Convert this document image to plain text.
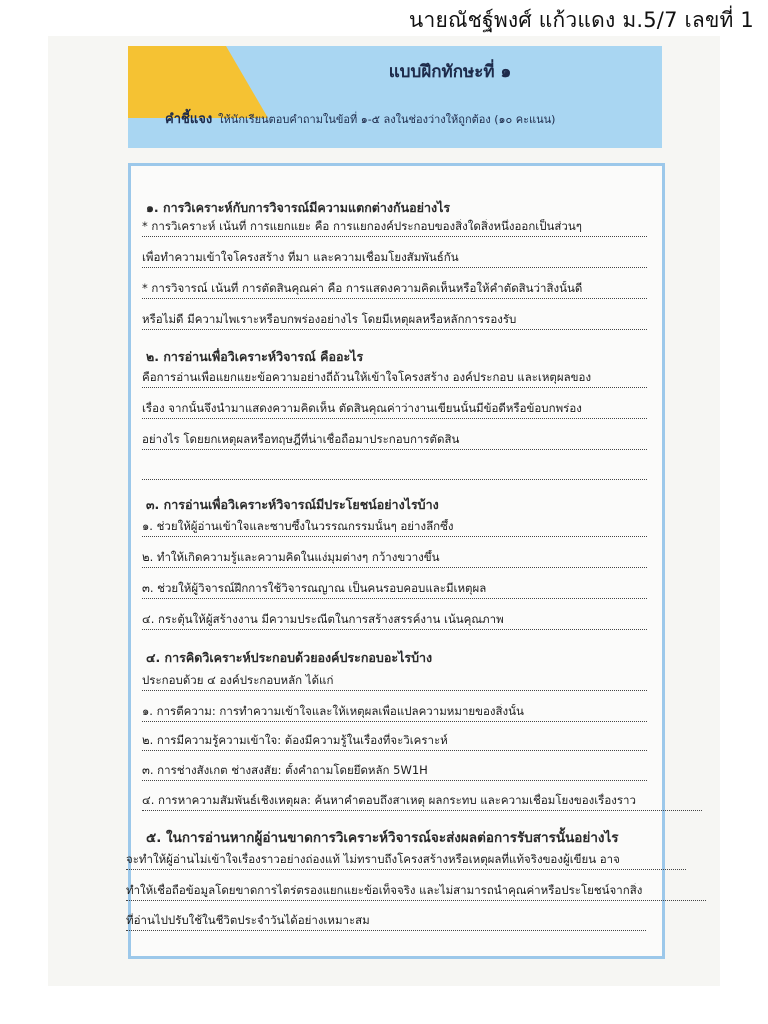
นายณัชฐ์พงศ์ แก้วแดง ม.5/7 เลขที่ 1
แบบฝึกทักษะที่ ๑
คำชี้แจง ให้นักเรียนตอบคำถามในข้อที่ ๑-๕ ลงในช่องว่างให้ถูกต้อง (๑๐ คะแนน)
๑. การวิเคราะห์กับการวิจารณ์มีความแตกต่างกันอย่างไร
* การวิเคราะห์ เน้นที่ การแยกแยะ คือ การแยกองค์ประกอบของสิ่งใดสิ่งหนึ่งออกเป็นส่วนๆ
เพื่อทำความเข้าใจโครงสร้าง ที่มา และความเชื่อมโยงสัมพันธ์กัน
* การวิจารณ์ เน้นที่ การตัดสินคุณค่า คือ การแสดงความคิดเห็นหรือให้คำตัดสินว่าสิ่งนั้นดี
หรือไม่ดี มีความไพเราะหรือบกพร่องอย่างไร โดยมีเหตุผลหรือหลักการรองรับ
๒. การอ่านเพื่อวิเคราะห์วิจารณ์ คืออะไร
คือการอ่านเพื่อแยกแยะข้อความอย่างถี่ถ้วนให้เข้าใจโครงสร้าง องค์ประกอบ และเหตุผลของ
เรื่อง จากนั้นจึงนำมาแสดงความคิดเห็น ตัดสินคุณค่าว่างานเขียนนั้นมีข้อดีหรือข้อบกพร่อง
อย่างไร โดยยกเหตุผลหรือทฤษฎีที่น่าเชื่อถือมาประกอบการตัดสิน
๓. การอ่านเพื่อวิเคราะห์วิจารณ์มีประโยชน์อย่างไรบ้าง
๑. ช่วยให้ผู้อ่านเข้าใจและซาบซึ้งในวรรณกรรมนั้นๆ อย่างลึกซึ้ง
๒. ทำให้เกิดความรู้และความคิดในแง่มุมต่างๆ กว้างขวางขึ้น
๓. ช่วยให้ผู้วิจารณ์ฝึกการใช้วิจารณญาณ เป็นคนรอบคอบและมีเหตุผล
๔. กระตุ้นให้ผู้สร้างงาน มีความประณีตในการสร้างสรรค์งาน เน้นคุณภาพ
๔. การคิดวิเคราะห์ประกอบด้วยองค์ประกอบอะไรบ้าง
ประกอบด้วย ๔ องค์ประกอบหลัก ได้แก่
๑. การตีความ: การทำความเข้าใจและให้เหตุผลเพื่อแปลความหมายของสิ่งนั้น
๒. การมีความรู้ความเข้าใจ: ต้องมีความรู้ในเรื่องที่จะวิเคราะห์
๓. การช่างสังเกต ช่างสงสัย: ตั้งคำถามโดยยึดหลัก 5W1H
๔. การหาความสัมพันธ์เชิงเหตุผล: ค้นหาคำตอบถึงสาเหตุ ผลกระทบ และความเชื่อมโยงของเรื่องราว
๕. ในการอ่านหากผู้อ่านขาดการวิเคราะห์วิจารณ์จะส่งผลต่อการรับสารนั้นอย่างไร
จะทำให้ผู้อ่านไม่เข้าใจเรื่องราวอย่างถ่องแท้ ไม่ทราบถึงโครงสร้างหรือเหตุผลที่แท้จริงของผู้เขียน อาจ
ทำให้เชื่อถือข้อมูลโดยขาดการไตร่ตรองแยกแยะข้อเท็จจริง และไม่สามารถนำคุณค่าหรือประโยชน์จากสิ่ง
ที่อ่านไปปรับใช้ในชีวิตประจำวันได้อย่างเหมาะสม
